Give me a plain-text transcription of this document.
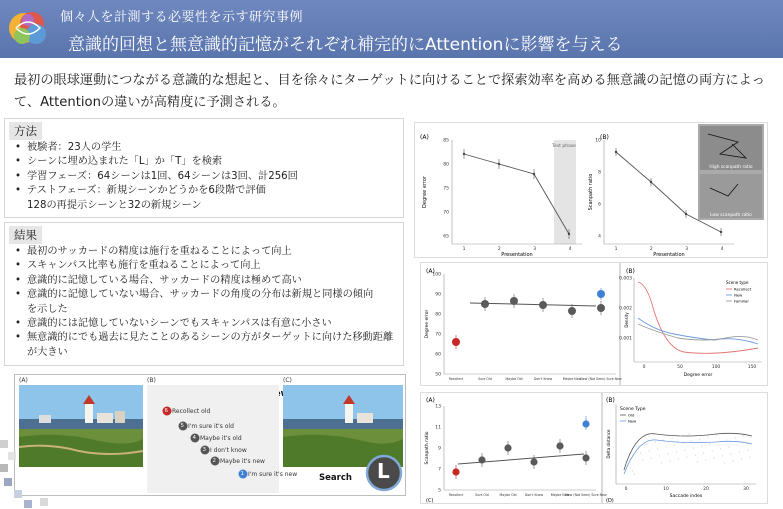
個々人を計測する必要性を示す研究事例
意識的回想と無意識的記憶がそれぞれ補完的にAttentionに影響を与える
最初の眼球運動につながる意識的な想起と、目を徐々にターゲットに向けることで探索効率を高める無意識の記憶の両方によって、Attentionの違いが高精度に予測される。
方法
• 被験者：23人の学生
• シーンに埋め込まれた「L」か「T」を検索
• 学習フェーズ：64シーンは1回、64シーンは3回、計256回
• テストフェーズ：新規シーンかどうかを6段階で評価
128の再提示シーンと32の新規シーン
結果
• 最初のサッカードの精度は施行を重ねることによって向上
• スキャンパス比率も施行を重ねることによって向上
• 意識的に記憶している場合、サッカードの精度は極めて高い
• 意識的に記憶していない場合、サッカードの角度の分布は新規と同様の傾向
を示した
• 意識的には記憶していないシーンでもスキャンパスは有意に小さい
• 無意識的にでも過去に見たことのあるシーンの方がターゲットに向けた移動距離
が大きい
(A)	(B)	(C)
new?
6 Recollect old
5 I'm sure it's old
4 Maybe it's old
3 I don't know
2 Maybe it's new
1 I'm sure it's new	Search L
(A)
Test phase
85
80
75
70
65
1	2	3	4
Degree error
Presentation
(B)
10
8
6
4
1	2	3	4
Scanpath ratio
Presentation
High scanpath ratio
Low scanpath ratio
(A)
100
90
80
70
60
50
Recollect	Sure Old	Maybe Old	Don't Know	Maybe New New (Not Seen) Sure New
Degree error
(B)
0.003
0.002
0.001
0	50	100	150
Density
Degree error
Scene type
Recollect
New
Familiar
(A)
13
11
9
7
5
Recollect	Sure Old	Maybe Old	Don't Know Maybe New
New (Not Seen) Sure New
Scanpath ratio
(C)
(B)
0	10	20	30
Delta distance
Saccade index
Scene Type
Old
New
(D)
